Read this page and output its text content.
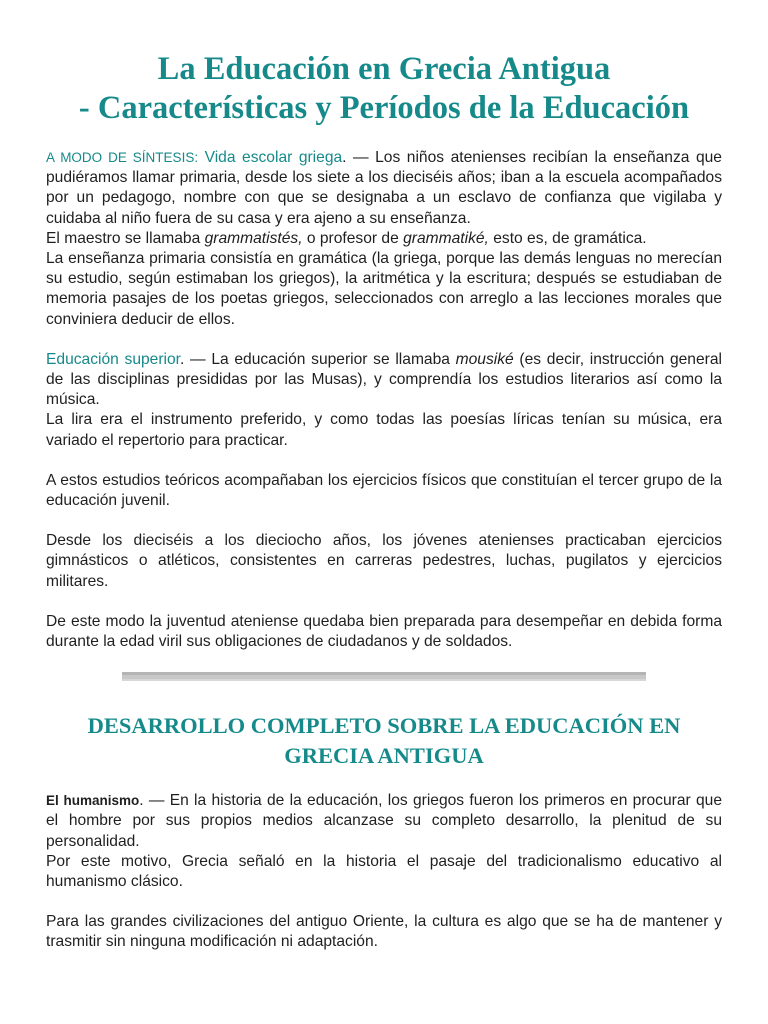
La Educación en Grecia Antigua
- Características y Períodos de la Educación

A MODO DE SÍNTESIS: Vida escolar griega. — Los niños atenienses recibían la enseñanza que pudiéramos llamar primaria, desde los siete a los dieciséis años; iban a la escuela acompañados por un pedagogo, nombre con que se designaba a un esclavo de confianza que vigilaba y cuidaba al niño fuera de su casa y era ajeno a su enseñanza.

El maestro se llamaba grammatistés, o profesor de grammatiké, esto es, de gramática.

La enseñanza primaria consistía en gramática (la griega, porque las demás lenguas no merecían su estudio, según estimaban los griegos), la aritmética y la escritura; después se estudiaban de memoria pasajes de los poetas griegos, seleccionados con arreglo a las lecciones morales que conviniera deducir de ellos.

Educación superior. — La educación superior se llamaba mousiké (es decir, instrucción general de las disciplinas presididas por las Musas), y comprendía los estudios literarios así como la música.

La lira era el instrumento preferido, y como todas las poesías líricas tenían su música, era variado el repertorio para practicar.

A estos estudios teóricos acompañaban los ejercicios físicos que constituían el tercer grupo de la educación juvenil.

Desde los dieciséis a los dieciocho años, los jóvenes atenienses practicaban ejercicios gimnásticos o atléticos, consistentes en carreras pedestres, luchas, pugilatos y ejercicios militares.

De este modo la juventud ateniense quedaba bien preparada para desempeñar en debida forma durante la edad viril sus obligaciones de ciudadanos y de soldados.

DESARROLLO COMPLETO SOBRE LA EDUCACIÓN EN
GRECIA ANTIGUA

El humanismo. — En la historia de la educación, los griegos fueron los primeros en procurar que el hombre por sus propios medios alcanzase su completo desarrollo, la plenitud de su personalidad.

Por este motivo, Grecia señaló en la historia el pasaje del tradicionalismo educativo al humanismo clásico.

Para las grandes civilizaciones del antiguo Oriente, la cultura es algo que se ha de mantener y trasmitir sin ninguna modificación ni adaptación.
